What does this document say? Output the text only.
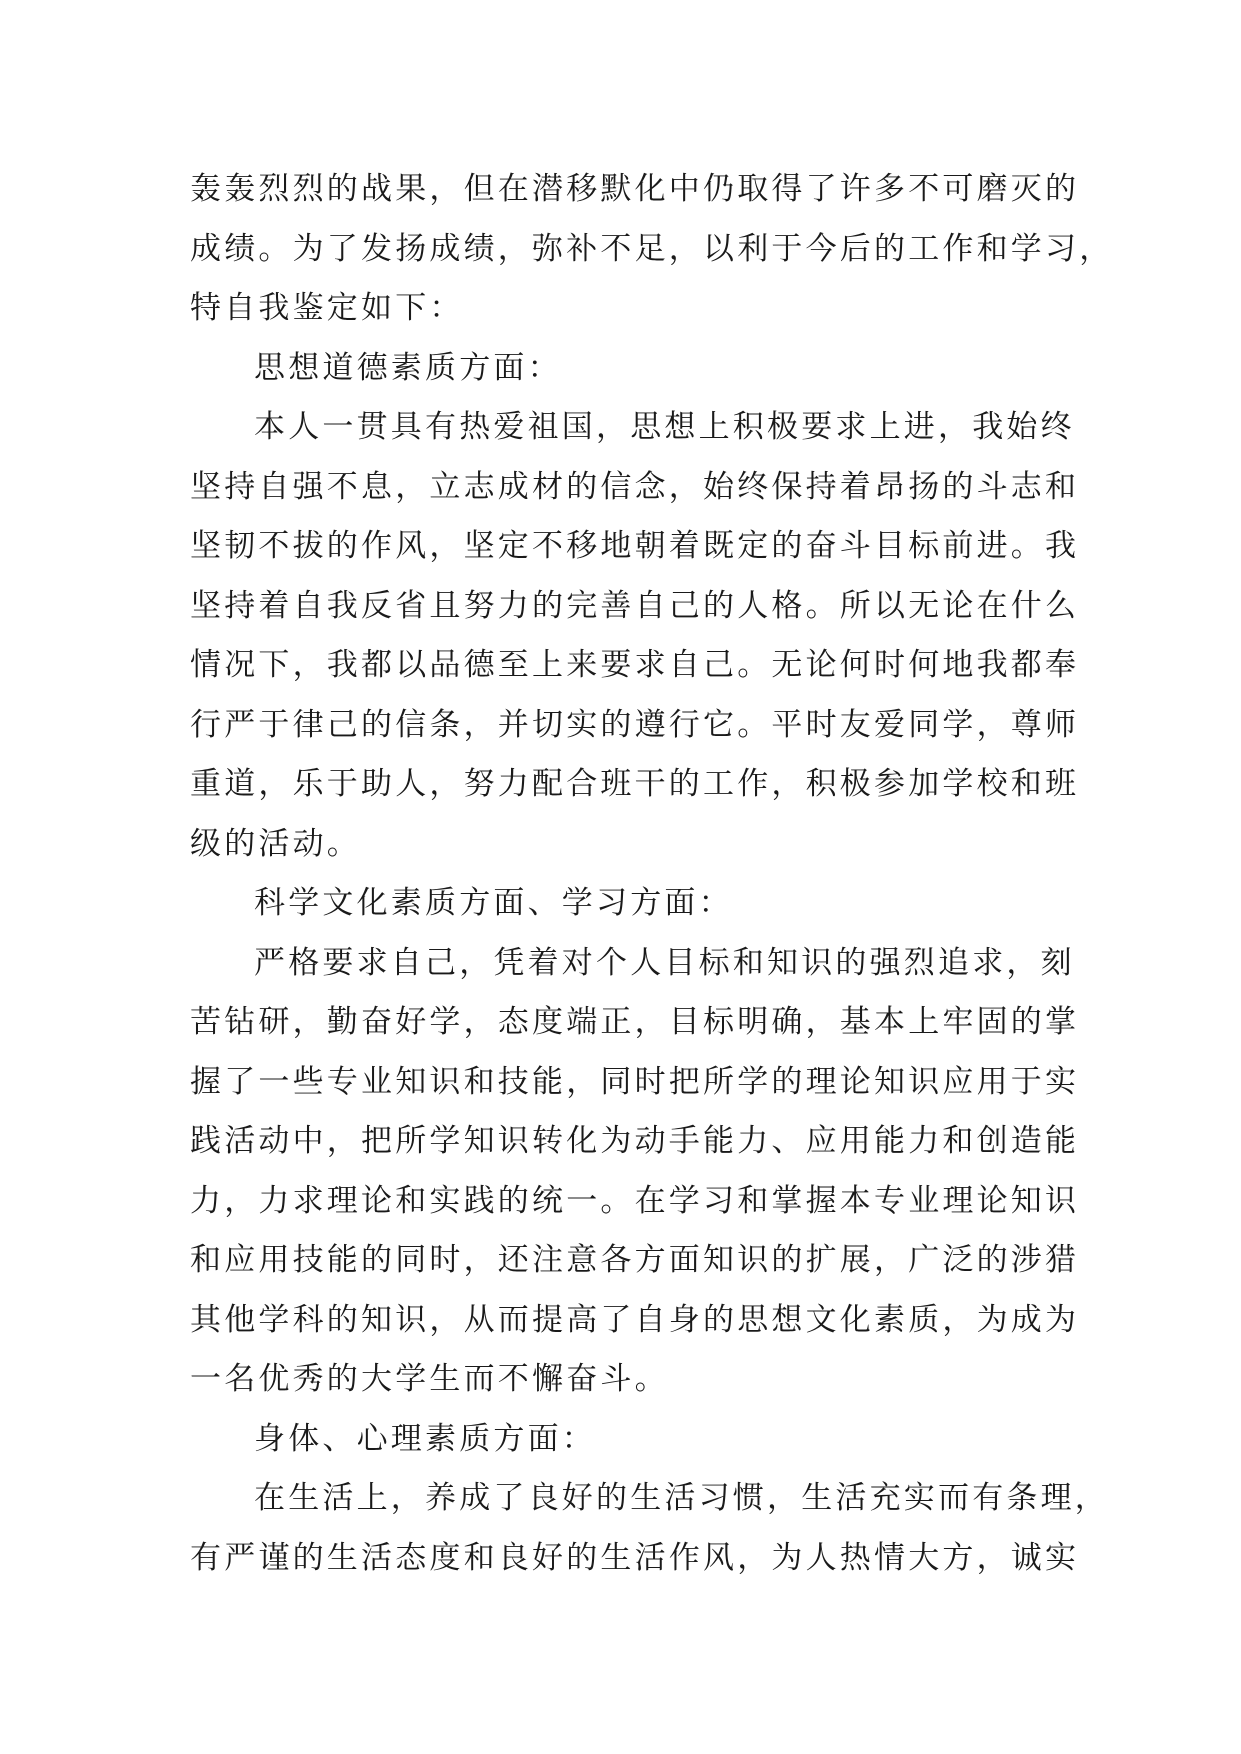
轰轰烈烈的战果，但在潜移默化中仍取得了许多不可磨灭的
成绩。为了发扬成绩，弥补不足，以利于今后的工作和学习，
特自我鉴定如下：
思想道德素质方面：
本人一贯具有热爱祖国，思想上积极要求上进，我始终
坚持自强不息，立志成材的信念，始终保持着昂扬的斗志和
坚韧不拔的作风，坚定不移地朝着既定的奋斗目标前进。我
坚持着自我反省且努力的完善自己的人格。所以无论在什么
情况下，我都以品德至上来要求自己。无论何时何地我都奉
行严于律己的信条，并切实的遵行它。平时友爱同学，尊师
重道，乐于助人，努力配合班干的工作，积极参加学校和班
级的活动。
科学文化素质方面、学习方面：
严格要求自己，凭着对个人目标和知识的强烈追求，刻
苦钻研，勤奋好学，态度端正，目标明确，基本上牢固的掌
握了一些专业知识和技能，同时把所学的理论知识应用于实
践活动中，把所学知识转化为动手能力、应用能力和创造能
力，力求理论和实践的统一。在学习和掌握本专业理论知识
和应用技能的同时，还注意各方面知识的扩展，广泛的涉猎
其他学科的知识，从而提高了自身的思想文化素质，为成为
一名优秀的大学生而不懈奋斗。
身体、心理素质方面：
在生活上，养成了良好的生活习惯，生活充实而有条理，
有严谨的生活态度和良好的生活作风，为人热情大方，诚实
